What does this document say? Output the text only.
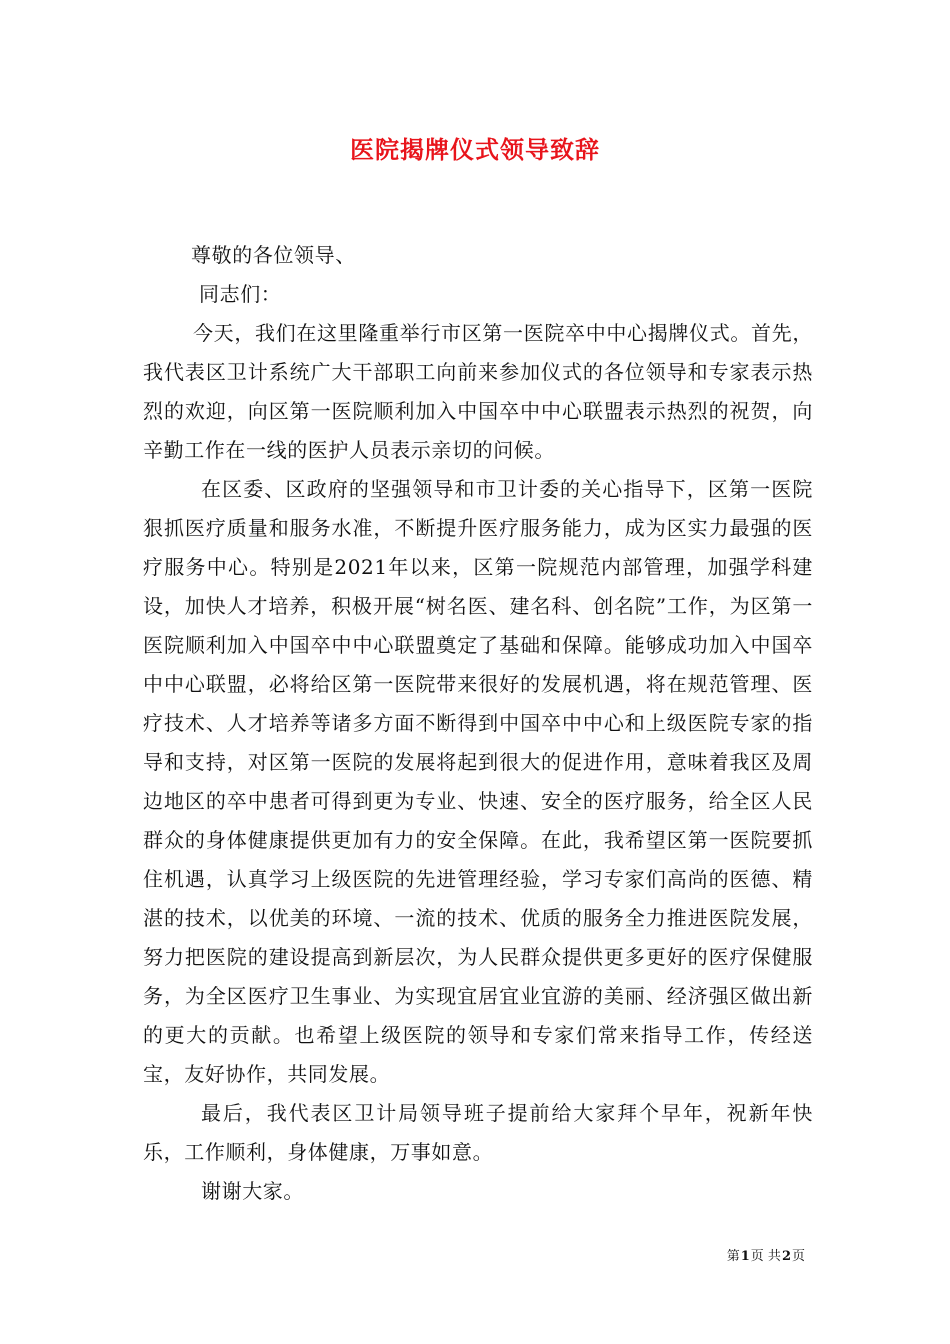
医院揭牌仪式领导致辞

尊敬的各位领导、

同志们：

今天，我们在这里隆重举行市区第一医院卒中中心揭牌仪式。首先，我代表区卫计系统广大干部职工向前来参加仪式的各位领导和专家表示热烈的欢迎，向区第一医院顺利加入中国卒中中心联盟表示热烈的祝贺，向辛勤工作在一线的医护人员表示亲切的问候。

在区委、区政府的坚强领导和市卫计委的关心指导下，区第一医院狠抓医疗质量和服务水准，不断提升医疗服务能力，成为区实力最强的医疗服务中心。特别是2021年以来，区第一院规范内部管理，加强学科建设，加快人才培养，积极开展“树名医、建名科、创名院”工作，为区第一医院顺利加入中国卒中中心联盟奠定了基础和保障。能够成功加入中国卒中中心联盟，必将给区第一医院带来很好的发展机遇，将在规范管理、医疗技术、人才培养等诸多方面不断得到中国卒中中心和上级医院专家的指导和支持，对区第一医院的发展将起到很大的促进作用，意味着我区及周边地区的卒中患者可得到更为专业、快速、安全的医疗服务，给全区人民群众的身体健康提供更加有力的安全保障。在此，我希望区第一医院要抓住机遇，认真学习上级医院的先进管理经验，学习专家们高尚的医德、精湛的技术，以优美的环境、一流的技术、优质的服务全力推进医院发展，努力把医院的建设提高到新层次，为人民群众提供更多更好的医疗保健服务，为全区医疗卫生事业、为实现宜居宜业宜游的美丽、经济强区做出新的更大的贡献。也希望上级医院的领导和专家们常来指导工作，传经送宝，友好协作，共同发展。

最后，我代表区卫计局领导班子提前给大家拜个早年，祝新年快乐，工作顺利，身体健康，万事如意。

谢谢大家。

第1页 共2页
